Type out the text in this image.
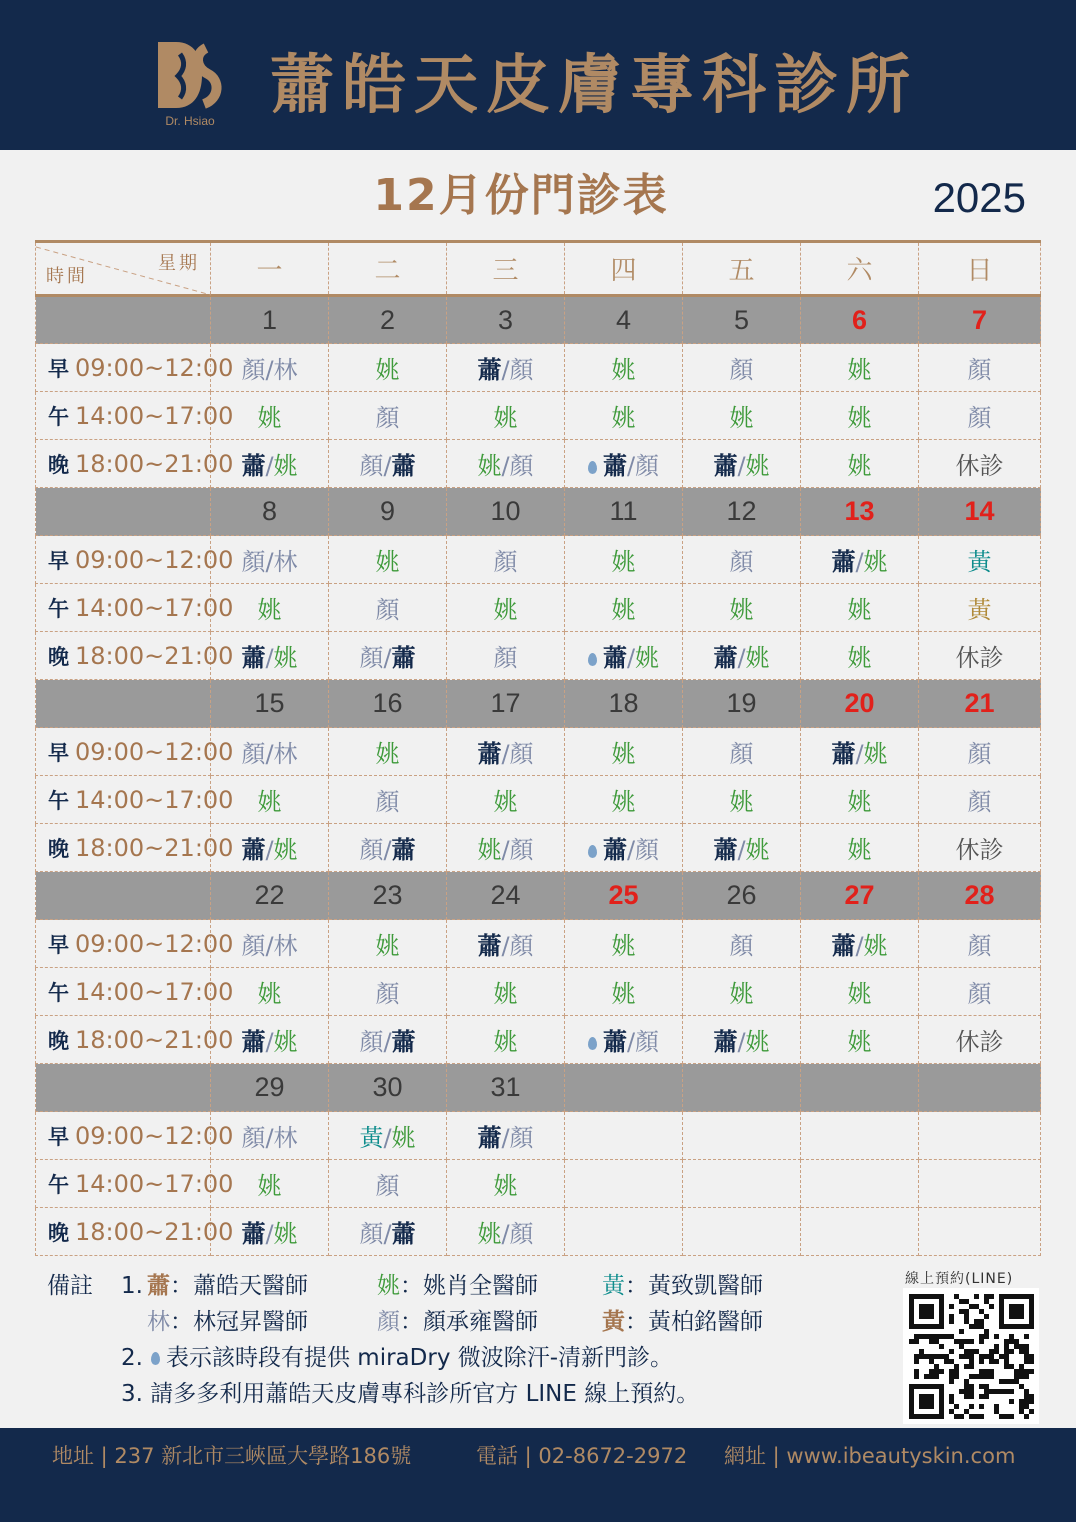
Dr. Hsiao 蕭皓天皮膚專科診所
12月份門診表	2025
星期
時間	一	二	三	四	五	六	日
	1	2	3	4	5	6	7
早 09:00~12:00	顏/林	姚	蕭/顏	姚	顏	姚	顏
午 14:00~17:00	姚	顏	姚	姚	姚	姚	顏
晚 18:00~21:00	蕭/姚	顏/蕭	姚/顏	蕭/顏	蕭/姚	姚	休診
	8	9	10	11	12	13	14
早 09:00~12:00	顏/林	姚	顏	姚	顏	蕭/姚	黃
午 14:00~17:00	姚	顏	姚	姚	姚	姚	黃
晚 18:00~21:00	蕭/姚	顏/蕭	顏	蕭/姚	蕭/姚	姚	休診
	15	16	17	18	19	20	21
早 09:00~12:00	顏/林	姚	蕭/顏	姚	顏	蕭/姚	顏
午 14:00~17:00	姚	顏	姚	姚	姚	姚	顏
晚 18:00~21:00	蕭/姚	顏/蕭	姚/顏	蕭/顏	蕭/姚	姚	休診
	22	23	24	25	26	27	28
早 09:00~12:00	顏/林	姚	蕭/顏	姚	顏	蕭/姚	顏
午 14:00~17:00	姚	顏	姚	姚	姚	姚	顏
晚 18:00~21:00	蕭/姚	顏/蕭	姚	蕭/顏	蕭/姚	姚	休診
	29	30	31				
早 09:00~12:00	顏/林	黃/姚	蕭/顏				
午 14:00~17:00	姚	顏	姚				
晚 18:00~21:00	蕭/姚	顏/蕭	姚/顏				
備註 1. 蕭：蕭皓天醫師	姚：姚肖全醫師	黃：黃致凱醫師
林：林冠昇醫師	顏：顏承雍醫師	黃：黃柏銘醫師
2.	表示該時段有提供 miraDry 微波除汗-清新門診。
3. 請多多利用蕭皓天皮膚專科診所官方 LINE 線上預約。
線上預約(LINE)
地址 | 237 新北市三峽區大學路186號	電話 | 02-8672-2972 網址 | www.ibeautyskin.com
